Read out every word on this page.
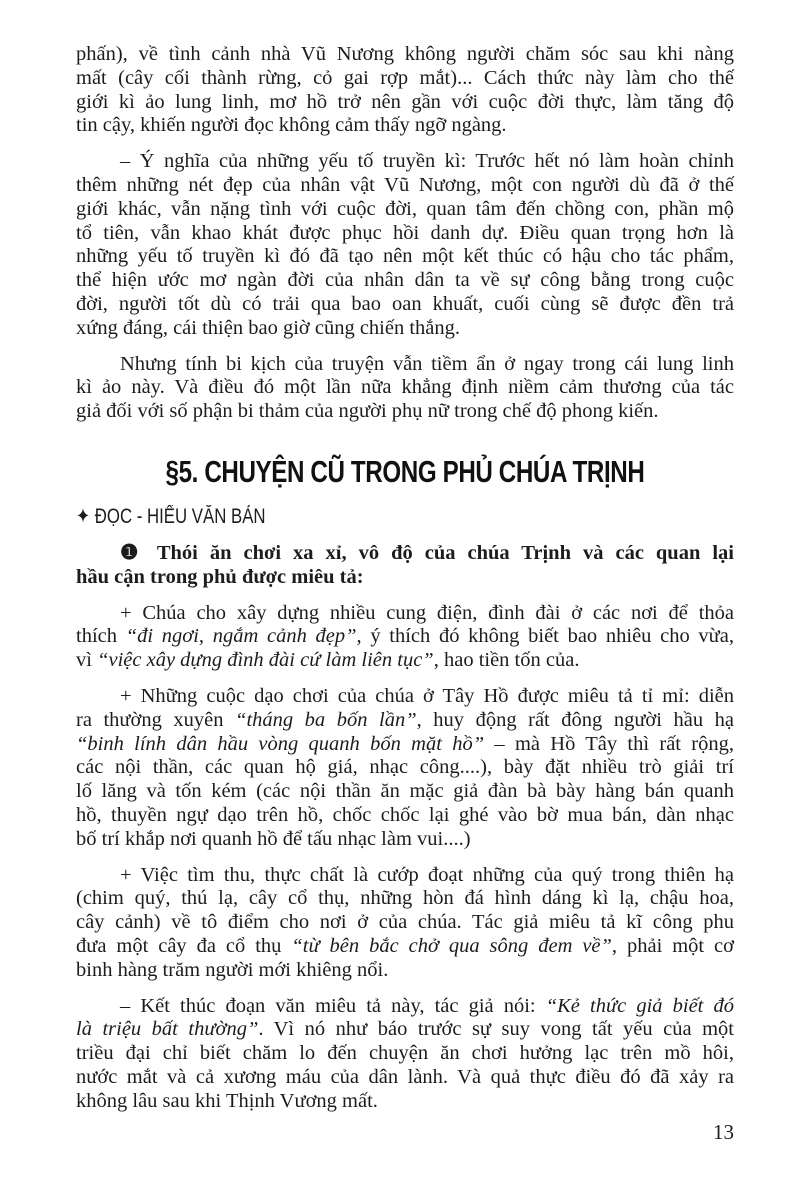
phấn), về tình cảnh nhà Vũ Nương không người chăm sóc sau khi nàng
mất (cây cối thành rừng, cỏ gai rợp mắt)... Cách thức này làm cho thế
giới kì ảo lung linh, mơ hồ trở nên gần với cuộc đời thực, làm tăng độ
tin cậy, khiến người đọc không cảm thấy ngỡ ngàng.
– Ý nghĩa của những yếu tố truyền kì: Trước hết nó làm hoàn chỉnh
thêm những nét đẹp của nhân vật Vũ Nương, một con người dù đã ở thế
giới khác, vẫn nặng tình với cuộc đời, quan tâm đến chồng con, phần mộ
tổ tiên, vẫn khao khát được phục hồi danh dự. Điều quan trọng hơn là
những yếu tố truyền kì đó đã tạo nên một kết thúc có hậu cho tác phẩm,
thể hiện ước mơ ngàn đời của nhân dân ta về sự công bằng trong cuộc
đời, người tốt dù có trải qua bao oan khuất, cuối cùng sẽ được đền trả
xứng đáng, cái thiện bao giờ cũng chiến thắng.
Nhưng tính bi kịch của truyện vẫn tiềm ẩn ở ngay trong cái lung linh
kì ảo này. Và điều đó một lần nữa khẳng định niềm cảm thương của tác
giả đối với số phận bi thảm của người phụ nữ trong chế độ phong kiến.
§5. CHUYỆN CŨ TRONG PHỦ CHÚA TRỊNH
✦ ĐỌC - HIỂU VĂN BẢN
❶ Thói ăn chơi xa xỉ, vô độ của chúa Trịnh và các quan lại
hầu cận trong phủ được miêu tả:
+ Chúa cho xây dựng nhiều cung điện, đình đài ở các nơi để thỏa
thích “đi ngơi, ngắm cảnh đẹp”, ý thích đó không biết bao nhiêu cho vừa,
vì “việc xây dựng đình đài cứ làm liên tục”, hao tiền tốn của.
+ Những cuộc dạo chơi của chúa ở Tây Hồ được miêu tả tỉ mỉ: diễn
ra thường xuyên “tháng ba bốn lần”, huy động rất đông người hầu hạ
“binh lính dân hầu vòng quanh bốn mặt hồ” – mà Hồ Tây thì rất rộng,
các nội thần, các quan hộ giá, nhạc công....), bày đặt nhiều trò giải trí
lố lăng và tốn kém (các nội thần ăn mặc giả đàn bà bày hàng bán quanh
hồ, thuyền ngự dạo trên hồ, chốc chốc lại ghé vào bờ mua bán, dàn nhạc
bố trí khắp nơi quanh hồ để tấu nhạc làm vui....)
+ Việc tìm thu, thực chất là cướp đoạt những của quý trong thiên hạ
(chim quý, thú lạ, cây cổ thụ, những hòn đá hình dáng kì lạ, chậu hoa,
cây cảnh) về tô điểm cho nơi ở của chúa. Tác giả miêu tả kĩ công phu
đưa một cây đa cổ thụ “từ bên bắc chở qua sông đem về”, phải một cơ
binh hàng trăm người mới khiêng nổi.
– Kết thúc đoạn văn miêu tả này, tác giả nói: “Kẻ thức giả biết đó
là triệu bất thường”. Vì nó như báo trước sự suy vong tất yếu của một
triều đại chỉ biết chăm lo đến chuyện ăn chơi hưởng lạc trên mồ hôi,
nước mắt và cả xương máu của dân lành. Và quả thực điều đó đã xảy ra
không lâu sau khi Thịnh Vương mất.
13
